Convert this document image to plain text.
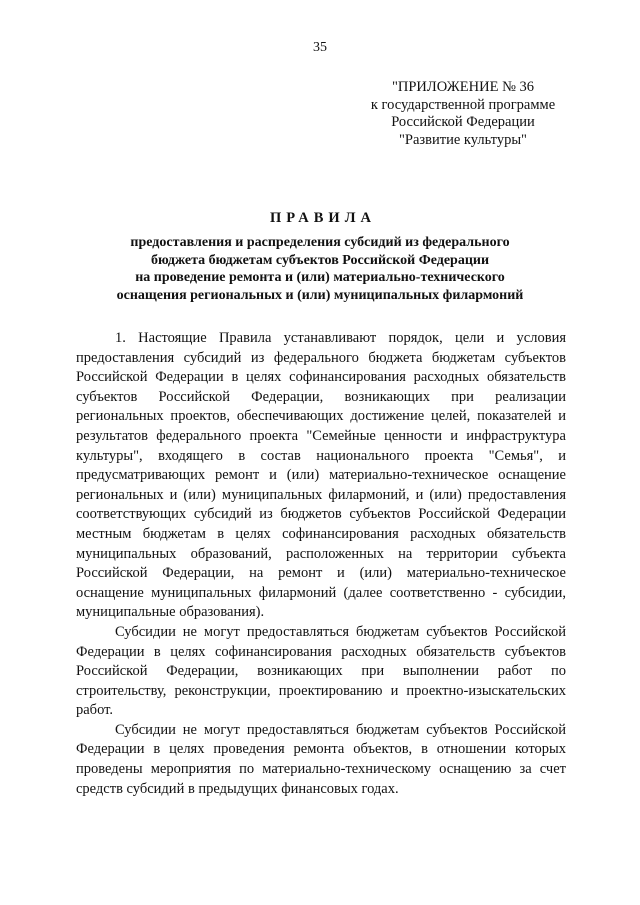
35
"ПРИЛОЖЕНИЕ № 36
к государственной программе
Российской Федерации
"Развитие культуры"
ПРАВИЛА
предоставления и распределения субсидий из федерального
бюджета бюджетам субъектов Российской Федерации
на проведение ремонта и (или) материально-технического
оснащения региональных и (или) муниципальных филармоний

1. Настоящие Правила устанавливают порядок, цели и условия предоставления субсидий из федерального бюджета бюджетам субъектов Российской Федерации в целях софинансирования расходных обязательств субъектов Российской Федерации, возникающих при реализации региональных проектов, обеспечивающих достижение целей, показателей и результатов федерального проекта "Семейные ценности и инфраструктура культуры", входящего в состав национального проекта "Семья", и предусматривающих ремонт и (или) материально-техническое оснащение региональных и (или) муниципальных филармоний, и (или) предоставления соответствующих субсидий из бюджетов субъектов Российской Федерации местным бюджетам в целях софинансирования расходных обязательств муниципальных образований, расположенных на территории субъекта Российской Федерации, на ремонт и (или) материально-техническое оснащение муниципальных филармоний (далее соответственно - субсидии, муниципальные образования).

Субсидии не могут предоставляться бюджетам субъектов Российской Федерации в целях софинансирования расходных обязательств субъектов Российской Федерации, возникающих при выполнении работ по строительству, реконструкции, проектированию и проектно-изыскательских работ.

Субсидии не могут предоставляться бюджетам субъектов Российской Федерации в целях проведения ремонта объектов, в отношении которых проведены мероприятия по материально-техническому оснащению за счет средств субсидий в предыдущих финансовых годах.
